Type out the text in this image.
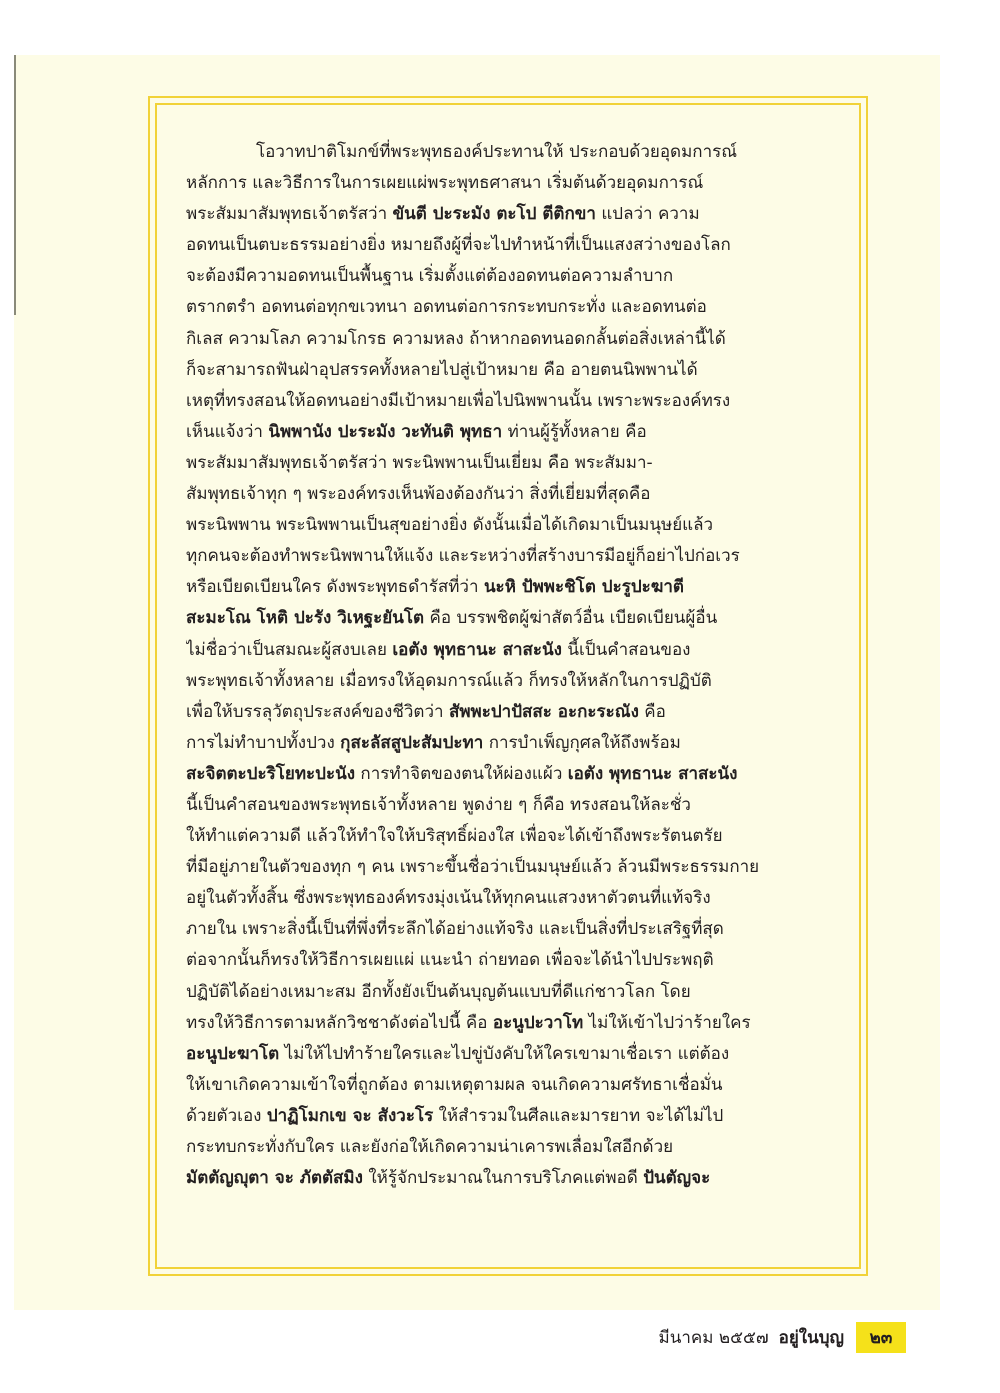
โอวาทปาติโมกข์ที่พระพุทธองค์ประทานให้ ประกอบด้วยอุดมการณ์
หลักการ และวิธีการในการเผยแผ่พระพุทธศาสนา เริ่มต้นด้วยอุดมการณ์
พระสัมมาสัมพุทธเจ้าตรัสว่า ขันตี ปะระมัง ตะโป ตีติกขา แปลว่า ความ
อดทนเป็นตบะธรรมอย่างยิ่ง หมายถึงผู้ที่จะไปทำหน้าที่เป็นแสงสว่างของโลก
จะต้องมีความอดทนเป็นพื้นฐาน เริ่มตั้งแต่ต้องอดทนต่อความลำบาก
ตรากตรำ อดทนต่อทุกขเวทนา อดทนต่อการกระทบกระทั่ง และอดทนต่อ
กิเลส ความโลภ ความโกรธ ความหลง ถ้าหากอดทนอดกลั้นต่อสิ่งเหล่านี้ได้
ก็จะสามารถฟันฝ่าอุปสรรคทั้งหลายไปสู่เป้าหมาย คือ อายตนนิพพานได้
เหตุที่ทรงสอนให้อดทนอย่างมีเป้าหมายเพื่อไปนิพพานนั้น เพราะพระองค์ทรง
เห็นแจ้งว่า นิพพานัง ปะระมัง วะทันติ พุทธา ท่านผู้รู้ทั้งหลาย คือ
พระสัมมาสัมพุทธเจ้าตรัสว่า พระนิพพานเป็นเยี่ยม คือ พระสัมมา-
สัมพุทธเจ้าทุก ๆ พระองค์ทรงเห็นพ้องต้องกันว่า สิ่งที่เยี่ยมที่สุดคือ
พระนิพพาน พระนิพพานเป็นสุขอย่างยิ่ง ดังนั้นเมื่อได้เกิดมาเป็นมนุษย์แล้ว
ทุกคนจะต้องทำพระนิพพานให้แจ้ง และระหว่างที่สร้างบารมีอยู่ก็อย่าไปก่อเวร
หรือเบียดเบียนใคร ดังพระพุทธดำรัสที่ว่า นะหิ ปัพพะชิโต ปะรูปะฆาตี
สะมะโณ โหติ ปะรัง วิเหฐะยันโต คือ บรรพชิตผู้ฆ่าสัตว์อื่น เบียดเบียนผู้อื่น
ไม่ชื่อว่าเป็นสมณะผู้สงบเลย เอตัง พุทธานะ สาสะนัง นี้เป็นคำสอนของ
พระพุทธเจ้าทั้งหลาย เมื่อทรงให้อุดมการณ์แล้ว ก็ทรงให้หลักในการปฏิบัติ
เพื่อให้บรรลุวัตถุประสงค์ของชีวิตว่า สัพพะปาปัสสะ อะกะระณัง คือ
การไม่ทำบาปทั้งปวง กุสะลัสสูปะสัมปะทา การบำเพ็ญกุศลให้ถึงพร้อม
สะจิตตะปะริโยทะปะนัง การทำจิตของตนให้ผ่องแผ้ว เอตัง พุทธานะ สาสะนัง
นี้เป็นคำสอนของพระพุทธเจ้าทั้งหลาย พูดง่าย ๆ ก็คือ ทรงสอนให้ละชั่ว
ให้ทำแต่ความดี แล้วให้ทำใจให้บริสุทธิ์ผ่องใส เพื่อจะได้เข้าถึงพระรัตนตรัย
ที่มีอยู่ภายในตัวของทุก ๆ คน เพราะขึ้นชื่อว่าเป็นมนุษย์แล้ว ล้วนมีพระธรรมกาย
อยู่ในตัวทั้งสิ้น ซึ่งพระพุทธองค์ทรงมุ่งเน้นให้ทุกคนแสวงหาตัวตนที่แท้จริง
ภายใน เพราะสิ่งนี้เป็นที่พึ่งที่ระลึกได้อย่างแท้จริง และเป็นสิ่งที่ประเสริฐที่สุด
ต่อจากนั้นก็ทรงให้วิธีการเผยแผ่ แนะนำ ถ่ายทอด เพื่อจะได้นำไปประพฤติ
ปฏิบัติได้อย่างเหมาะสม อีกทั้งยังเป็นต้นบุญต้นแบบที่ดีแก่ชาวโลก โดย
ทรงให้วิธีการตามหลักวิชชาดังต่อไปนี้ คือ อะนูปะวาโท ไม่ให้เข้าไปว่าร้ายใคร
อะนูปะฆาโต ไม่ให้ไปทำร้ายใครและไปขู่บังคับให้ใครเขามาเชื่อเรา แต่ต้อง
ให้เขาเกิดความเข้าใจที่ถูกต้อง ตามเหตุตามผล จนเกิดความศรัทธาเชื่อมั่น
ด้วยตัวเอง ปาฏิโมกเข จะ สังวะโร ให้สำรวมในศีลและมารยาท จะได้ไม่ไป
กระทบกระทั่งกับใคร และยังก่อให้เกิดความน่าเคารพเลื่อมใสอีกด้วย
มัตตัญญุตา จะ ภัตตัสมิง ให้รู้จักประมาณในการบริโภคแต่พอดี ปันตัญจะ
มีนาคม ๒๕๕๗ อยู่ในบุญ	๒๓
